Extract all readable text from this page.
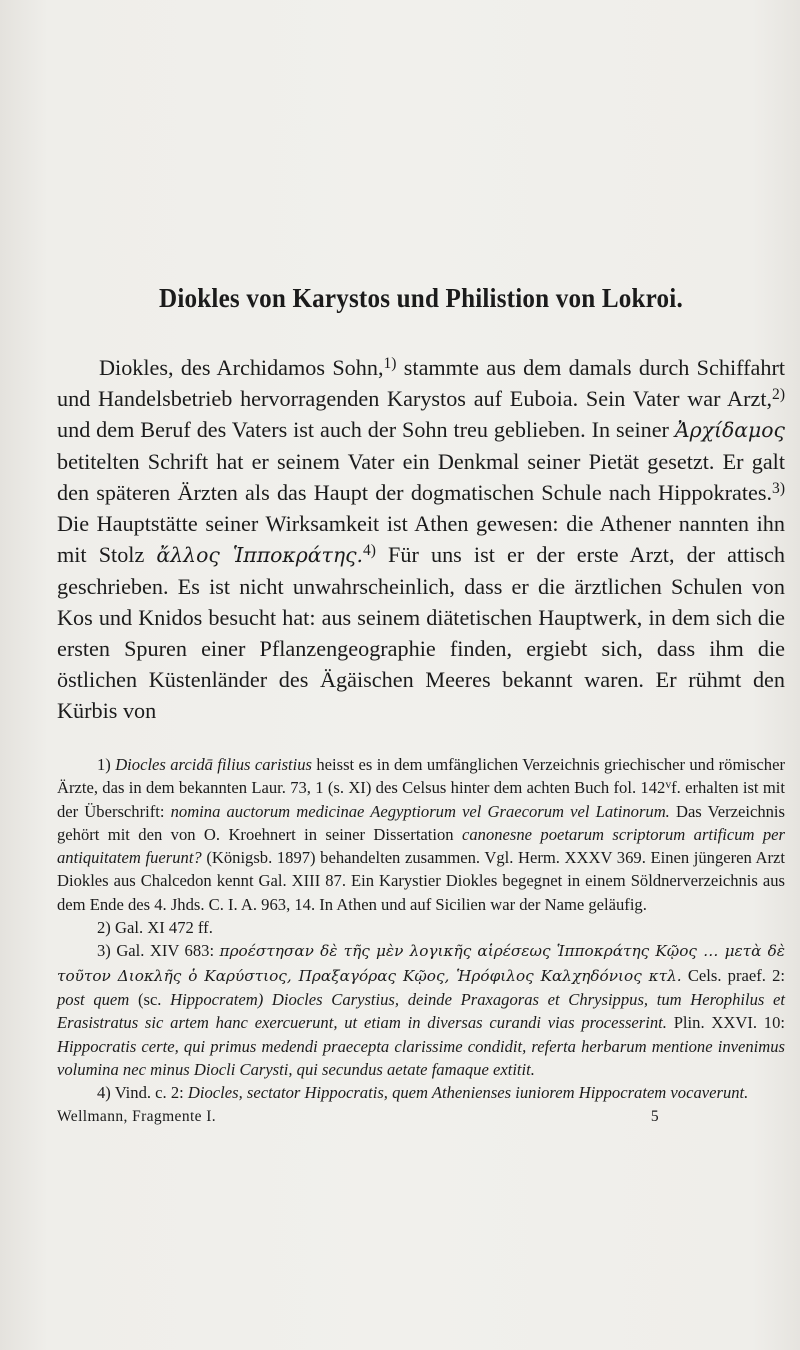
Diokles von Karystos und Philistion von Lokroi.

Diokles, des Archidamos Sohn,$^{1)}$ stammte aus dem damals durch Schiffahrt und Handelsbetrieb hervorragenden Karystos auf Euboia. Sein Vater war Arzt,$^{2)}$ und dem Beruf des Vaters ist auch der Sohn treu geblieben. In seiner Ἀρχίδαμος betitelten Schrift hat er seinem Vater ein Denkmal seiner Pietät gesetzt. Er galt den späteren Ärzten als das Haupt der dogmatischen Schule nach Hippokrates.$^{3)}$ Die Hauptstätte seiner Wirksamkeit ist Athen gewesen: die Athener nannten ihn mit Stolz ἄλλος Ἱπποκράτης.$^{4)}$ Für uns ist er der erste Arzt, der attisch geschrieben. Es ist nicht unwahrscheinlich, dass er die ärztlichen Schulen von Kos und Knidos besucht hat: aus seinem diätetischen Hauptwerk, in dem sich die ersten Spuren einer Pflanzengeographie finden, ergiebt sich, dass ihm die östlichen Küstenländer des Ägäischen Meeres bekannt waren. Er rühmt den Kürbis von

1) Diocles arcidā filius caristius heisst es in dem umfänglichen Verzeichnis griechischer und römischer Ärzte, das in dem bekannten Laur. 73, 1 (s. XI) des Celsus hinter dem achten Buch fol. 142$^v$f. erhalten ist mit der Überschrift: nomina auctorum medicinae Aegyptiorum vel Graecorum vel Latinorum. Das Verzeichnis gehört mit den von O. Kroehnert in seiner Dissertation canonesne poetarum scriptorum artificum per antiquitatem fuerunt? (Königsb. 1897) behandelten zusammen. Vgl. Herm. XXXV 369. Einen jüngeren Arzt Diokles aus Chalcedon kennt Gal. XIII 87. Ein Karystier Diokles begegnet in einem Söldnerverzeichnis aus dem Ende des 4. Jhds. C. I. A. 963, 14. In Athen und auf Sicilien war der Name geläufig.

2) Gal. XI 472 ff.

3) Gal. XIV 683: προέστησαν δὲ τῆς μὲν λογικῆς αἱρέσεως Ἱπποκράτης Κῷος … μετὰ δὲ τοῦτον Διοκλῆς ὁ Καρύστιος, Πραξαγόρας Κῷος, Ἡρόφιλος Καλχηδόνιος κτλ. Cels. praef. 2: post quem (sc. Hippocratem) Diocles Carystius, deinde Praxagoras et Chrysippus, tum Herophilus et Erasistratus sic artem hanc exercuerunt, ut etiam in diversas curandi vias processerint. Plin. XXVI. 10: Hippocratis certe, qui primus medendi praecepta clarissime condidit, referta herbarum mentione invenimus volumina nec minus Diocli Carysti, qui secundus aetate famaque extitit.

4) Vind. c. 2: Diocles, sectator Hippocratis, quem Athenienses iuniorem Hippocratem vocaverunt.

Wellmann, Fragmente I.	5
